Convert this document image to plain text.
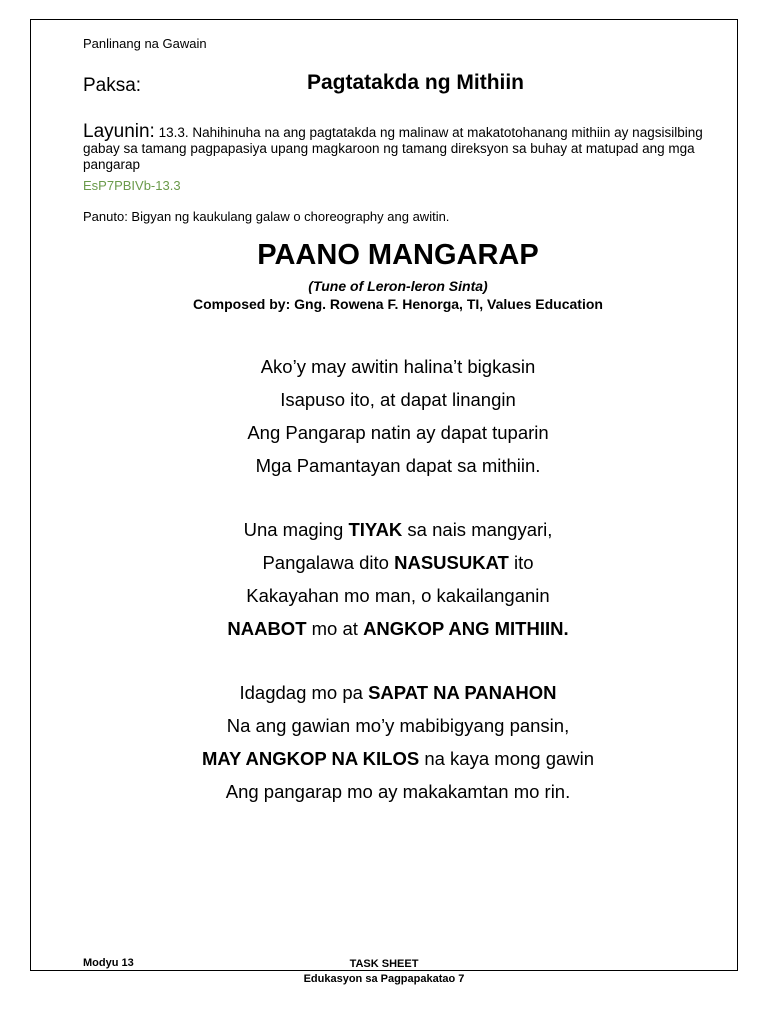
Panlinang na Gawain
Paksa:	Pagtatakda ng Mithiin
Layunin: 13.3. Nahihinuha na ang pagtatakda ng malinaw at makatotohanang mithiin ay nagsisilbing gabay sa tamang pagpapasiya upang magkaroon ng tamang direksyon sa buhay at matupad ang mga pangarap
EsP7PBIVb-13.3
Panuto: Bigyan ng kaukulang galaw o choreography ang awitin.
PAANO MANGARAP
(Tune of Leron-leron Sinta)
Composed by: Gng. Rowena F. Henorga, TI, Values Education
Ako’y may awitin halina’t bigkasin
Isapuso ito, at dapat linangin
Ang Pangarap natin ay dapat tuparin
Mga Pamantayan dapat sa mithiin.
Una maging TIYAK sa nais mangyari,
Pangalawa dito NASUSUKAT ito
Kakayahan mo man, o kakailanganin
NAABOT mo at ANGKOP ANG MITHIIN.
Idagdag mo pa SAPAT NA PANAHON
Na ang gawian mo’y mabibigyang pansin,
MAY ANGKOP NA KILOS na kaya mong gawin
Ang pangarap mo ay makakamtan mo rin.
Modyu 13	TASK SHEET
Edukasyon sa Pagpapakatao 7
